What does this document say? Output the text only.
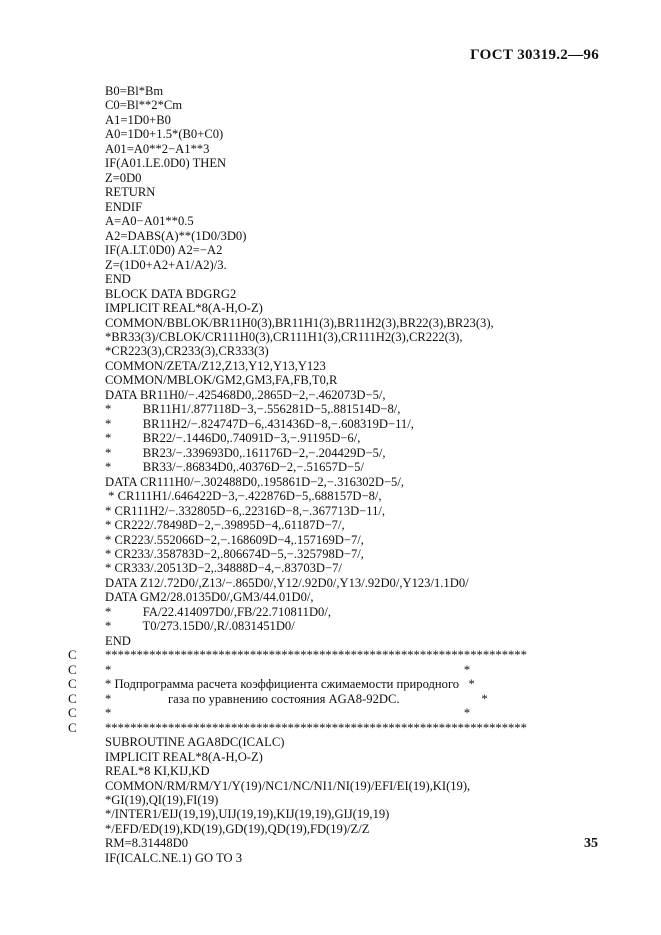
ГОСТ 30319.2—96
B0=Bl*Bm
C0=Bl**2*Cm
A1=1D0+B0
A0=1D0+1.5*(B0+C0)
A01=A0**2−A1**3
IF(A01.LE.0D0) THEN
Z=0D0
RETURN
ENDIF
A=A0−A01**0.5
A2=DABS(A)**(1D0/3D0)
IF(A.LT.0D0) A2=−A2
Z=(1D0+A2+A1/A2)/3.
END
BLOCK DATA BDGRG2
IMPLICIT REAL*8(A-H,O-Z)
COMMON/BBLOK/BR11H0(3),BR11H1(3),BR11H2(3),BR22(3),BR23(3),
*BR33(3)/CBLOK/CR111H0(3),CR111H1(3),CR111H2(3),CR222(3),
*CR223(3),CR233(3),CR333(3)
COMMON/ZETA/Z12,Z13,Y12,Y13,Y123
COMMON/MBLOK/GM2,GM3,FA,FB,T0,R
DATA BR11H0/−.425468D0,.2865D−2,−.462073D−5/,
*          BR11H1/.877118D−3,−.556281D−5,.881514D−8/,
*          BR11H2/−.824747D−6,.431436D−8,−.608319D−11/,
*          BR22/−.1446D0,.74091D−3,−.91195D−6/,
*          BR23/−.339693D0,.161176D−2,−.204429D−5/,
*          BR33/−.86834D0,.40376D−2,−.51657D−5/
DATA CR111H0/−.302488D0,.195861D−2,−.316302D−5/,
* CR111H1/.646422D−3,−.422876D−5,.688157D−8/,
* CR111H2/−.332805D−6,.22316D−8,−.367713D−11/,
* CR222/.78498D−2,−.39895D−4,.61187D−7/,
* CR223/.552066D−2,−.168609D−4,.157169D−7/,
* CR233/.358783D−2,.806674D−5,−.325798D−7/,
* CR333/.20513D−2,.34888D−4,−.83703D−7/
DATA Z12/.72D0/,Z13/−.865D0/,Y12/.92D0/,Y13/.92D0/,Y123/1.1D0/
DATA GM2/28.0135D0/,GM3/44.01D0/,
*          FA/22.414097D0/,FB/22.710811D0/,
*          T0/273.15D0/,R/.0831451D0/
END
C *******************************************************************
C *                                                                                                                *
C * Подпрограмма расчета коэффициента сжимаемости природного   *
C *                  газа по уравнению состояния AGA8-92DC.                          *
C *                                                                                                                *
C *******************************************************************
SUBROUTINE AGA8DC(ICALC)
IMPLICIT REAL*8(A-H,O-Z)
REAL*8 KI,KIJ,KD
COMMON/RM/RM/Y1/Y(19)/NC1/NC/NI1/NI(19)/EFI/EI(19),KI(19),
*GI(19),QI(19),FI(19)
*/INTER1/EIJ(19,19),UIJ(19,19),KIJ(19,19),GIJ(19,19)
*/EFD/ED(19),KD(19),GD(19),QD(19),FD(19)/Z/Z
RM=8.31448D0
IF(ICALC.NE.1) GO TO 3
35
